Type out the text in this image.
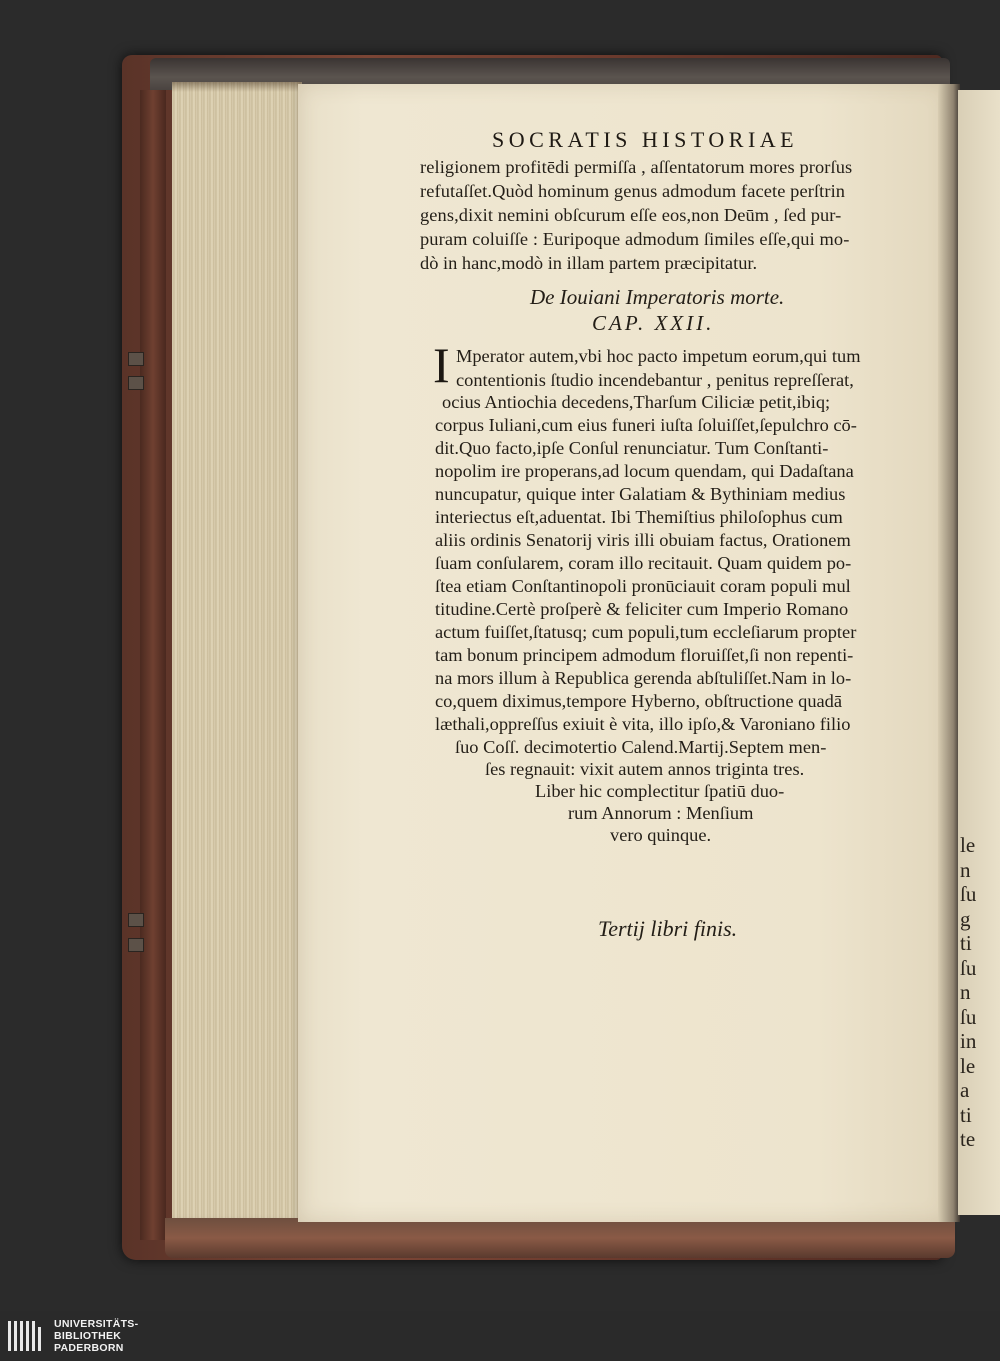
le
n
ſu
g
ti
ſu
n
ſu
in
le
a
ti
te
SOCRATIS HISTORIAE
religionem profitēdi permiſſa , aſſentatorum mores prorſus
refutaſſet.Quòd hominum genus admodum facete perſtrin
gens,dixit nemini obſcurum eſſe eos,non Deūm , ſed pur-
puram coluiſſe : Euripoque admodum ſimiles eſſe,qui mo-
dò in hanc,modò in illam partem præcipitatur.
De Iouiani Imperatoris morte.
CAP. XXII.
I Mperator autem,vbi hoc pacto impetum eorum,qui tum
contentionis ſtudio incendebantur , penitus repreſſerat,
ocius Antiochia decedens,Tharſum Ciliciæ petit,ibiq;
corpus Iuliani,cum eius funeri iuſta ſoluiſſet,ſepulchro cō-
dit.Quo facto,ipſe Conſul renunciatur. Tum Conſtanti-
nopolim ire properans,ad locum quendam, qui Dadaſtana
nuncupatur, quique inter Galatiam & Bythiniam medius
interiectus eſt,aduentat. Ibi Themiſtius philoſophus cum
aliis ordinis Senatorij viris illi obuiam factus, Orationem
ſuam conſularem, coram illo recitauit. Quam quidem po-
ſtea etiam Conſtantinopoli pronūciauit coram populi mul
titudine.Certè proſperè & feliciter cum Imperio Romano
actum fuiſſet,ſtatusq; cum populi,tum eccleſiarum propter
tam bonum principem admodum floruiſſet,ſi non repenti-
na mors illum à Republica gerenda abſtuliſſet.Nam in lo-
co,quem diximus,tempore Hyberno, obſtructione quadā
læthali,oppreſſus exiuit è vita, illo ipſo,& Varoniano filio
ſuo Coſſ. decimotertio Calend.Martij.Septem men-
ſes regnauit: vixit autem annos triginta tres.
Liber hic complectitur ſpatiū duo-
rum Annorum : Menſium
vero quinque.
Tertij libri finis.
UNIVERSITÄTS-
BIBLIOTHEK
PADERBORN
